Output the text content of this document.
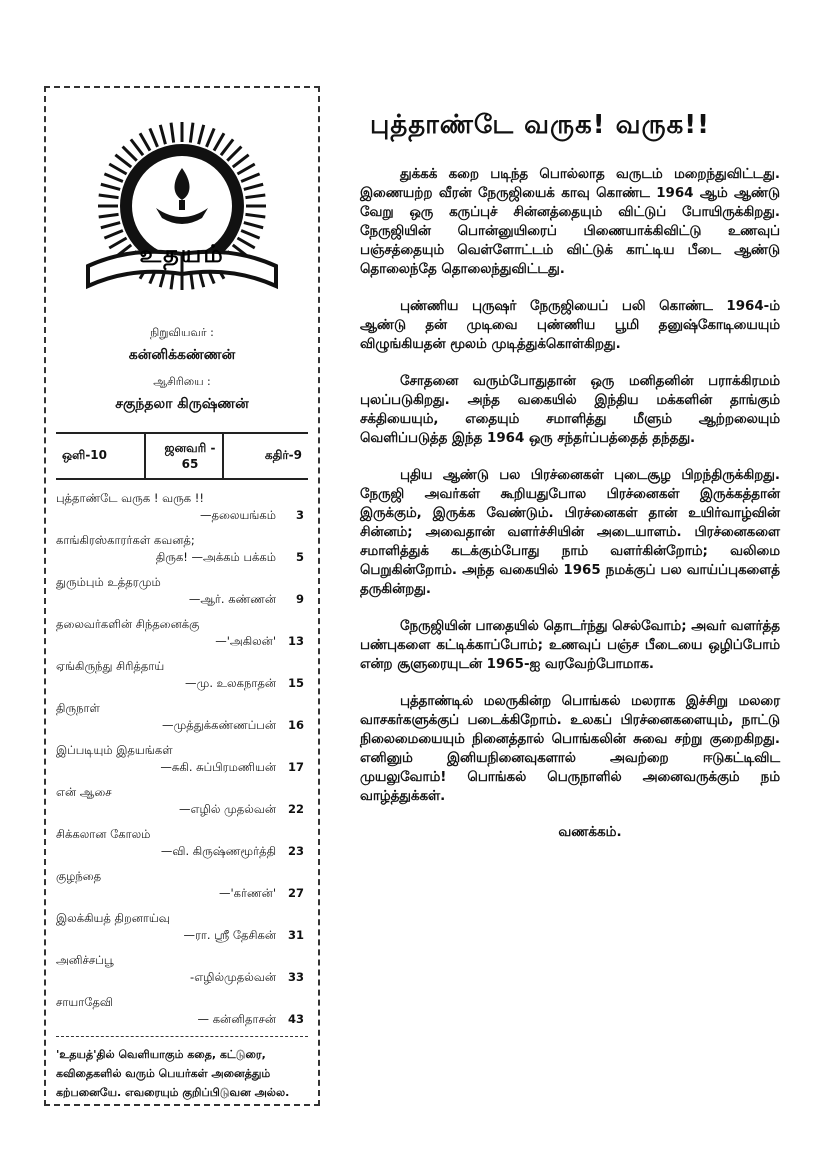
உதயம்
நிறுவியவர் :
கன்னிக்கண்ணன்
ஆசிரியை :
சகுந்தலா கிருஷ்ணன்
ஒளி-10	ஜனவரி - 65
கதிர்-9
புத்தாண்டே வருக ! வருக !!
—தலையங்கம் 3
காங்கிரஸ்காரர்கள் கவனத்;
திருக! —அக்கம் பக்கம் 5
துரும்பும் உத்தரமும்
—ஆர். கண்ணன் 9
தலைவர்களின் சிந்தனைக்கு
—'அகிலன்' 13
ஏங்கிருந்து சிரித்தாய்
—மு. உலகநாதன் 15
திருநாள்
—முத்துக்கண்ணப்பன் 16
இப்படியும் இதயங்கள்
—சுகி. சுப்பிரமணியன் 17
என் ஆசை
—எழில் முதல்வன் 22
சிக்கலான கோலம்
—வி. கிருஷ்ணமூர்த்தி 23
குழந்தை
—'கர்ணன்' 27
இலக்கியத் திறனாய்வு
—ரா. ஸ்ரீ தேசிகன் 31
அனிச்சப்பூ
-எழில்முதல்வன் 33
சாயாதேவி
— கன்னிதாசன் 43
'உதயத்'தில் வெளியாகும் கதை, கட்டுரை, கவிதைகளில் வரும் பெயர்கள் அனைத்தும் கற்பனையே. எவரையும் குறிப்பிடுவன அல்ல.
புத்தாண்டே வருக! வருக!!

துக்கக் கறை படிந்த பொல்லாத வருடம் மறைந்துவிட்டது. இணையற்ற வீரன் நேருஜியைக் காவு கொண்ட 1964 ஆம் ஆண்டு வேறு ஒரு கருப்புச் சின்னத்தையும் விட்டுப் போயிருக்கிறது. நேருஜியின் பொன்னுயிரைப் பிணையாக்கிவிட்டு உணவுப் பஞ்சத்தையும் வெள்ளோட்டம் விட்டுக் காட்டிய பீடை ஆண்டு தொலைந்தே தொலைந்துவிட்டது.

புண்ணிய புருஷர் நேருஜியைப் பலி கொண்ட 1964-ம் ஆண்டு தன் முடிவை புண்ணிய பூமி தனுஷ்கோடியையும் விழுங்கியதன் மூலம் முடித்துக்கொள்கிறது.

சோதனை வரும்போதுதான் ஒரு மனிதனின் பராக்கிரமம் புலப்படுகிறது. அந்த வகையில் இந்திய மக்களின் தாங்கும் சக்தியையும், எதையும் சமாளித்து மீளும் ஆற்றலையும் வெளிப்படுத்த இந்த 1964 ஒரு சந்தர்ப்பத்தைத் தந்தது.

புதிய ஆண்டு பல பிரச்னைகள் புடைசூழ பிறந்திருக்கிறது. நேருஜி அவர்கள் கூறியதுபோல பிரச்னைகள் இருக்கத்தான் இருக்கும், இருக்க வேண்டும். பிரச்னைகள் தான் உயிர்வாழ்வின் சின்னம்; அவைதான் வளர்ச்சியின் அடையாளம். பிரச்னைகளை சமாளித்துக் கடக்கும்போது நாம் வளர்கின்றோம்; வலிமை பெறுகின்றோம். அந்த வகையில் 1965 நமக்குப் பல வாய்ப்புகளைத் தருகின்றது.

நேருஜியின் பாதையில் தொடர்ந்து செல்வோம்; அவர் வளர்த்த பண்புகளை கட்டிக்காப்போம்; உணவுப் பஞ்ச பீடையை ஒழிப்போம் என்ற சூளுரையுடன் 1965-ஐ வரவேற்போமாக.

புத்தாண்டில் மலருகின்ற பொங்கல் மலராக இச்சிறு மலரை வாசகர்களுக்குப் படைக்கிறோம். உலகப் பிரச்னைகளையும், நாட்டு நிலைமையையும் நினைத்தால் பொங்கலின் சுவை சற்று குறைகிறது. எனினும் இனியநினைவுகளால் அவற்றை ஈடுகட்டிவிட முயலுவோம்! பொங்கல் பெருநாளில் அனைவருக்கும் நம் வாழ்த்துக்கள்.

வணக்கம்.
